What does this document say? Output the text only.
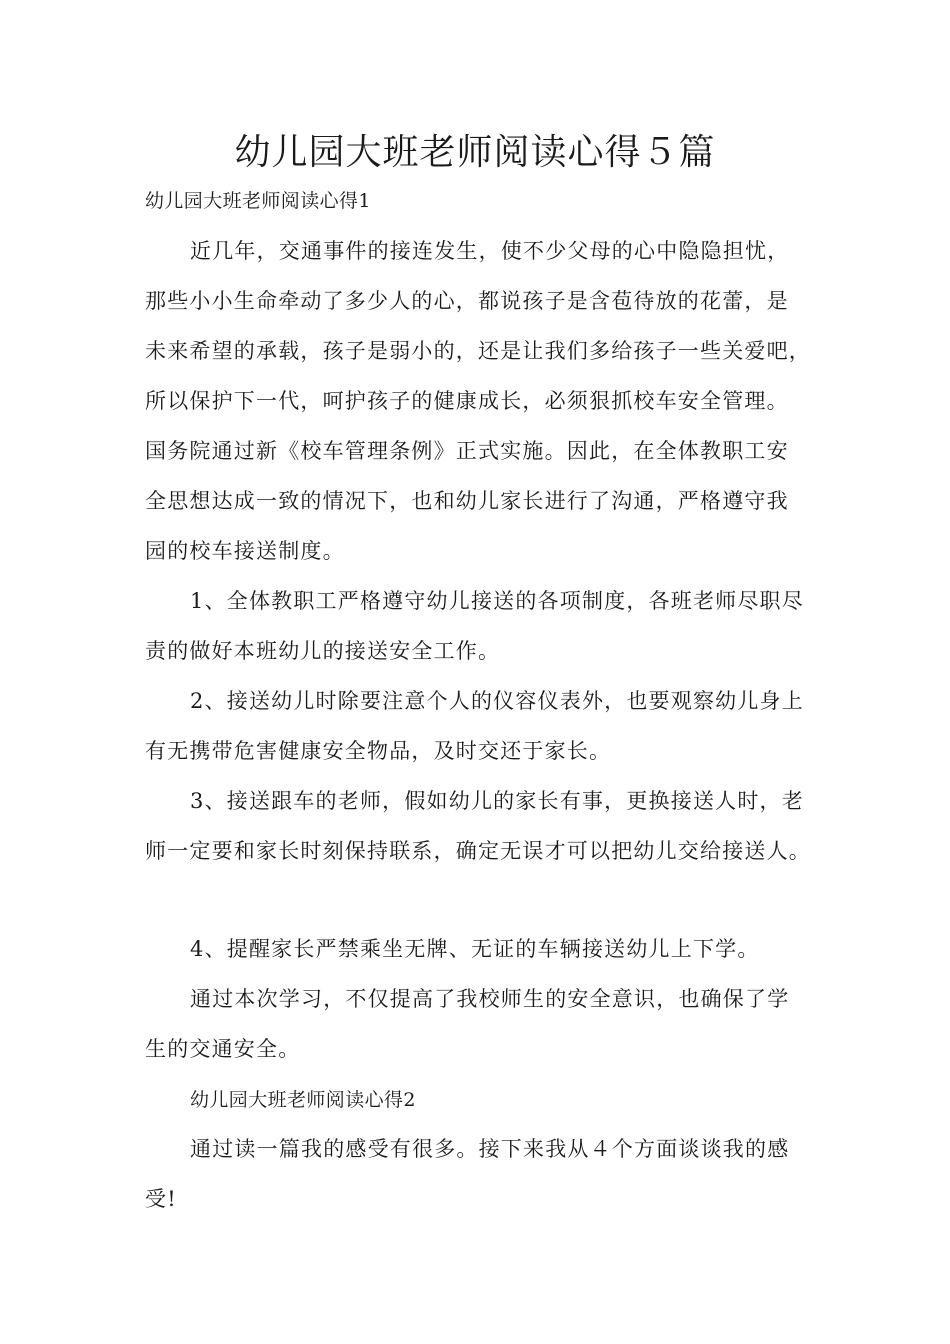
幼儿园大班老师阅读心得５篇

幼儿园大班老师阅读心得1

近几年，交通事件的接连发生，使不少父母的心中隐隐担忧，

那些小小生命牵动了多少人的心，都说孩子是含苞待放的花蕾，是

未来希望的承载，孩子是弱小的，还是让我们多给孩子一些关爱吧，

所以保护下一代，呵护孩子的健康成长，必须狠抓校车安全管理。

国务院通过新《校车管理条例》正式实施。因此，在全体教职工安

全思想达成一致的情况下，也和幼儿家长进行了沟通，严格遵守我

园的校车接送制度。

1、全体教职工严格遵守幼儿接送的各项制度，各班老师尽职尽

责的做好本班幼儿的接送安全工作。

2、接送幼儿时除要注意个人的仪容仪表外，也要观察幼儿身上

有无携带危害健康安全物品，及时交还于家长。

3、接送跟车的老师，假如幼儿的家长有事，更换接送人时，老

师一定要和家长时刻保持联系，确定无误才可以把幼儿交给接送人。

4、提醒家长严禁乘坐无牌、无证的车辆接送幼儿上下学。

通过本次学习，不仅提高了我校师生的安全意识，也确保了学

生的交通安全。

幼儿园大班老师阅读心得2

通过读一篇我的感受有很多。接下来我从４个方面谈谈我的感

受!
